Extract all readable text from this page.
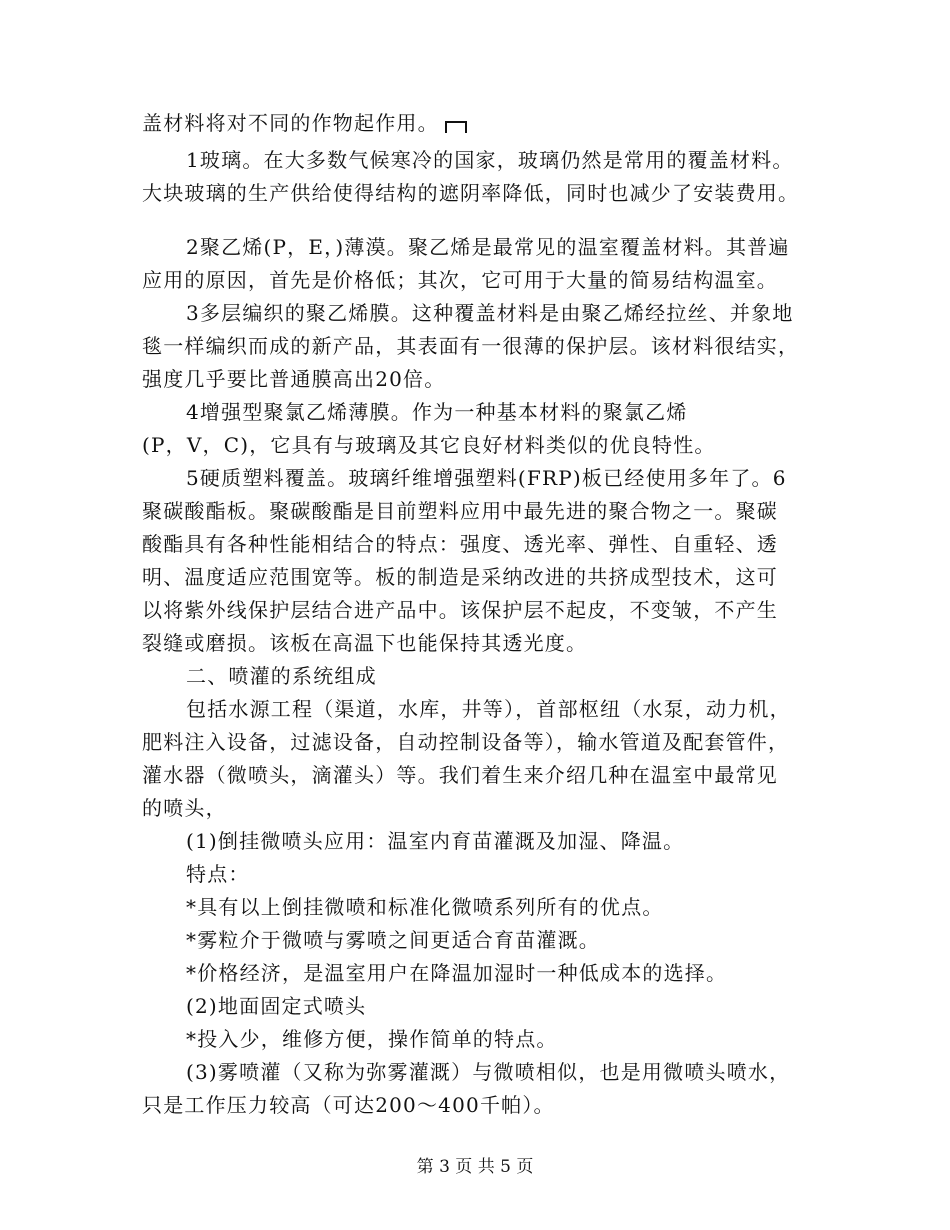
盖材料将对不同的作物起作用。
1玻璃。在大多数气候寒冷的国家，玻璃仍然是常用的覆盖材料。
大块玻璃的生产供给使得结构的遮阴率降低，同时也减少了安装费用。
2聚乙烯(P，E，)薄漠。聚乙烯是最常见的温室覆盖材料。其普遍
应用的原因，首先是价格低；其次，它可用于大量的简易结构温室。
3多层编织的聚乙烯膜。这种覆盖材料是由聚乙烯经拉丝、并象地
毯一样编织而成的新产品，其表面有一很薄的保护层。该材料很结实，
强度几乎要比普通膜高出20倍。
4增强型聚氯乙烯薄膜。作为一种基本材料的聚氯乙烯
(P，V，C)，它具有与玻璃及其它良好材料类似的优良特性。
5硬质塑料覆盖。玻璃纤维增强塑料(FRP)板已经使用多年了。6
聚碳酸酯板。聚碳酸酯是目前塑料应用中最先进的聚合物之一。聚碳
酸酯具有各种性能相结合的特点：强度、透光率、弹性、自重轻、透
明、温度适应范围宽等。板的制造是采纳改进的共挤成型技术，这可
以将紫外线保护层结合进产品中。该保护层不起皮，不变皱，不产生
裂缝或磨损。该板在高温下也能保持其透光度。
二、喷灌的系统组成
包括水源工程（渠道，水库，井等），首部枢纽（水泵，动力机，
肥料注入设备，过滤设备，自动控制设备等），输水管道及配套管件，
灌水器（微喷头，滴灌头）等。我们着生来介绍几种在温室中最常见
的喷头，
(1)倒挂微喷头应用：温室内育苗灌溉及加湿、降温。
特点：
*具有以上倒挂微喷和标准化微喷系列所有的优点。
*雾粒介于微喷与雾喷之间更适合育苗灌溉。
*价格经济，是温室用户在降温加湿时一种低成本的选择。
(2)地面固定式喷头
*投入少，维修方便，操作简单的特点。
(3)雾喷灌（又称为弥雾灌溉）与微喷相似，也是用微喷头喷水，
只是工作压力较高（可达200～400千帕）。
第 3 页 共 5 页
